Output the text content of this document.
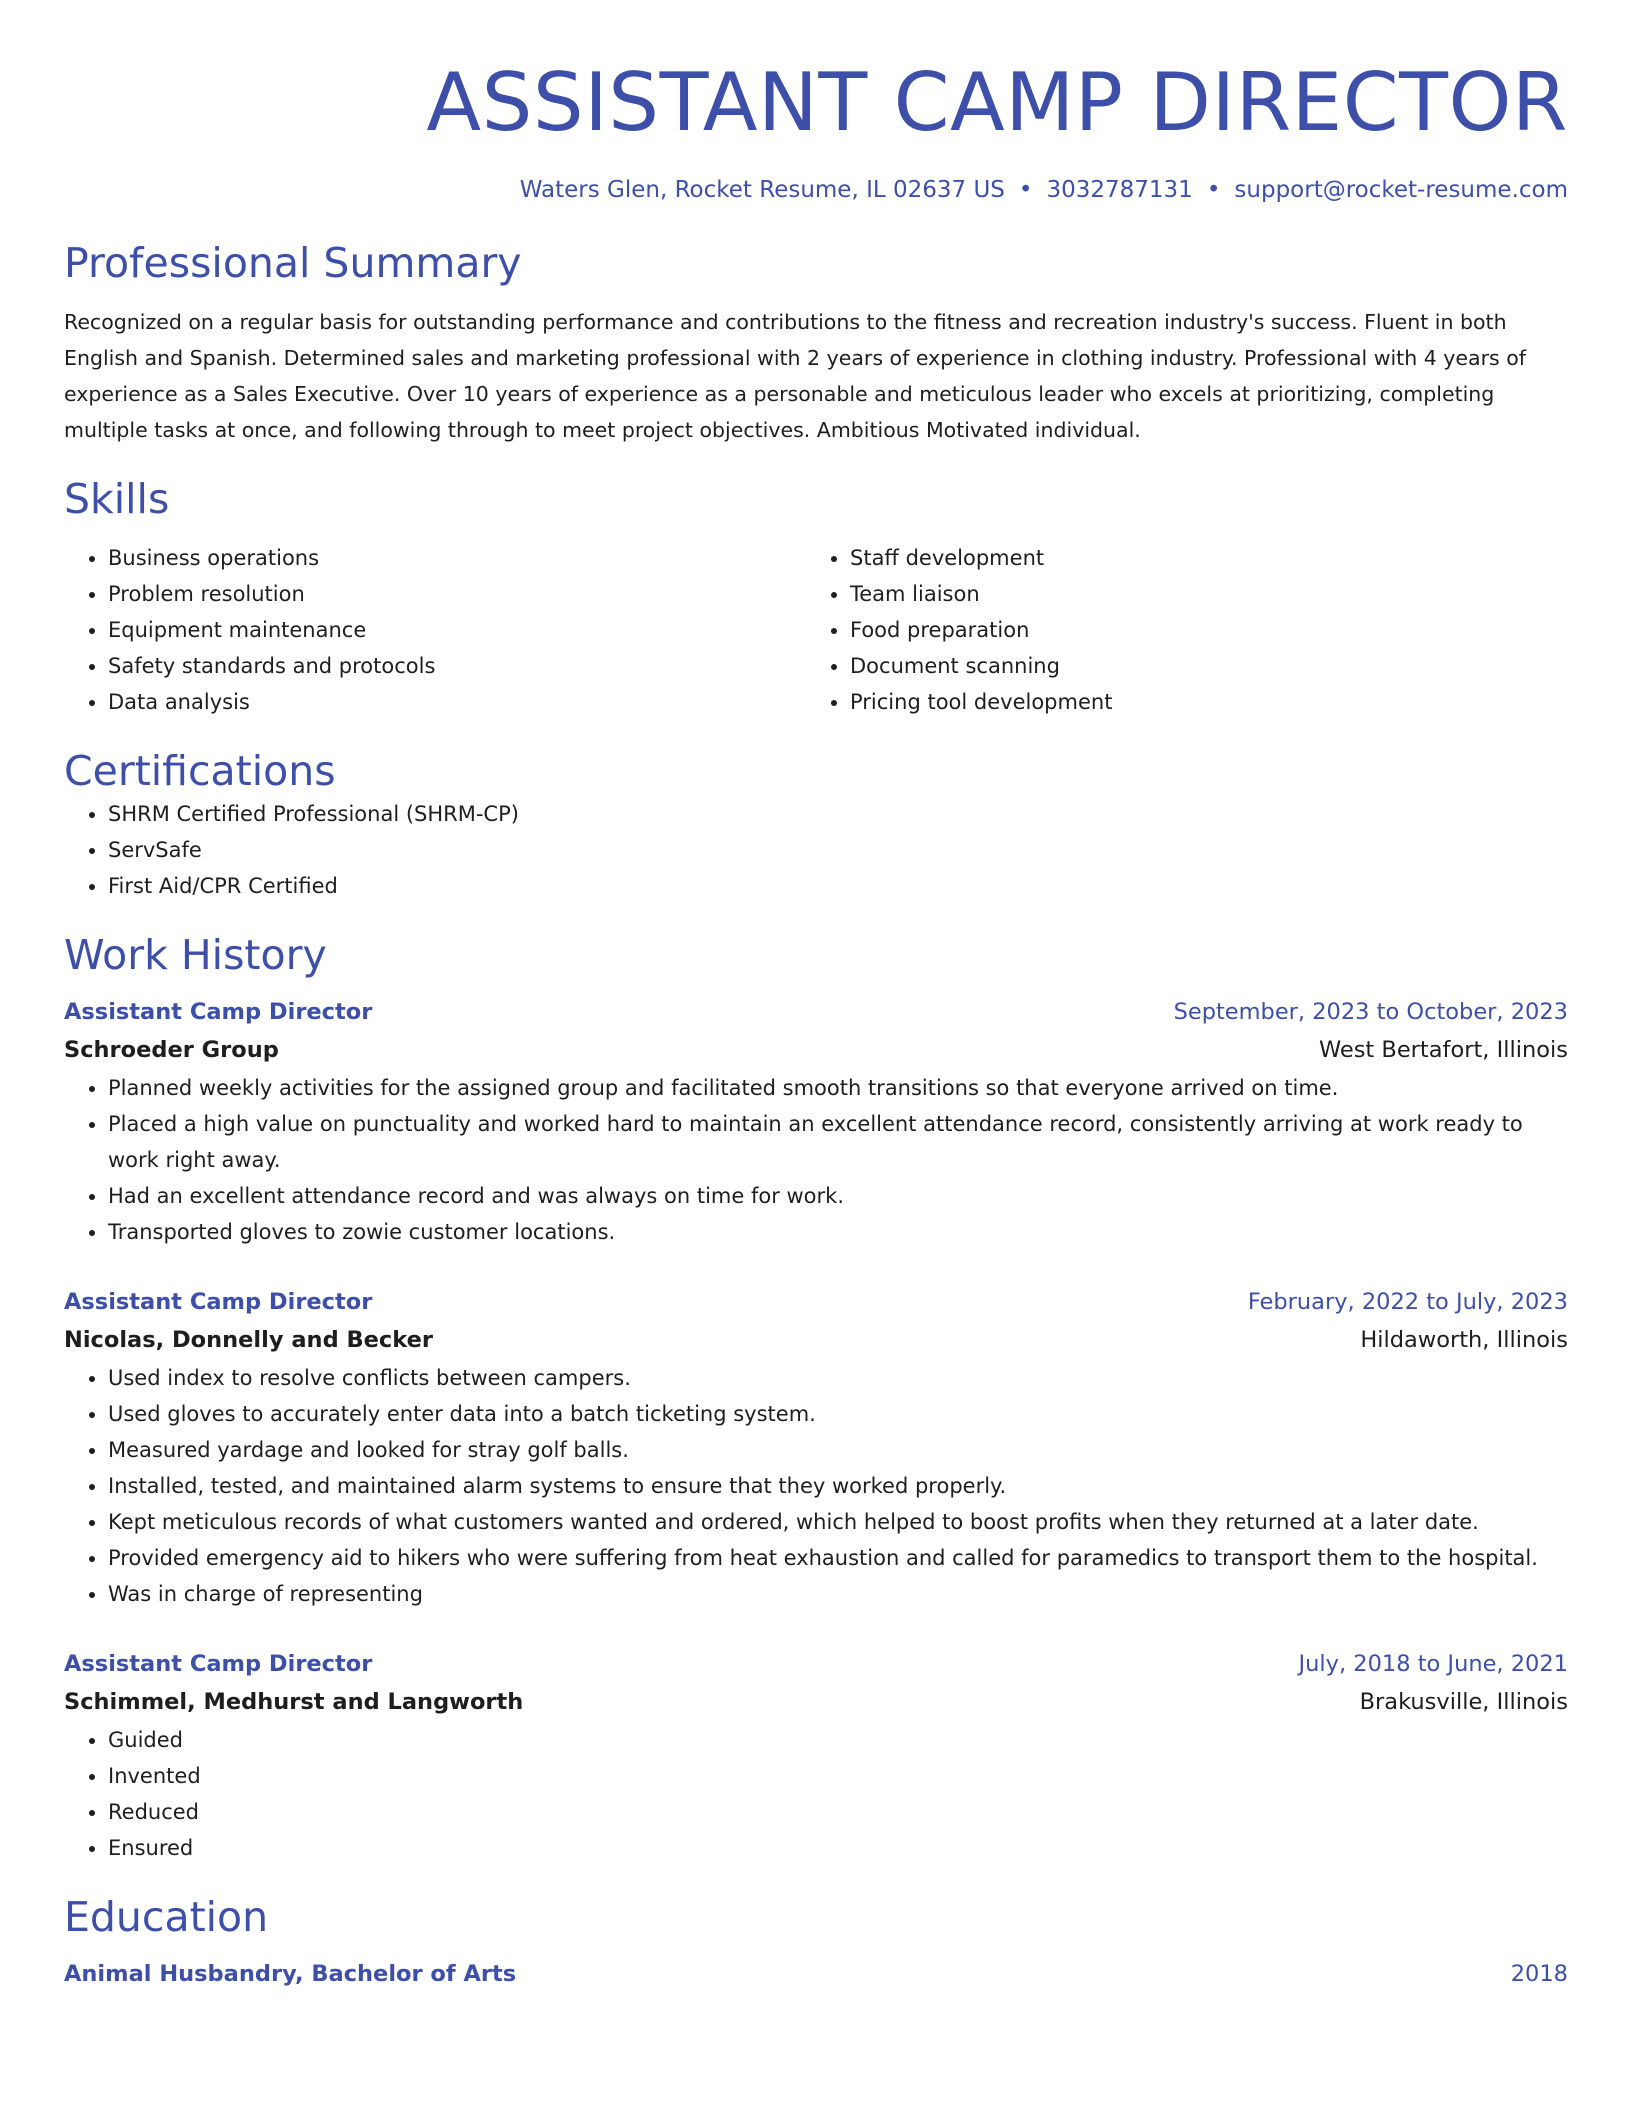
ASSISTANT CAMP DIRECTOR
Waters Glen, Rocket Resume, IL 02637 US • 3032787131 • support@rocket-resume.com
Professional Summary
Recognized on a regular basis for outstanding performance and contributions to the fitness and recreation industry's success. Fluent in both English and Spanish. Determined sales and marketing professional with 2 years of experience in clothing industry. Professional with 4 years of experience as a Sales Executive. Over 10 years of experience as a personable and meticulous leader who excels at prioritizing, completing multiple tasks at once, and following through to meet project objectives. Ambitious Motivated individual.
Skills
• Business operations
• Problem resolution
• Equipment maintenance
• Safety standards and protocols
• Data analysis
• Staff development
• Team liaison
• Food preparation
• Document scanning
• Pricing tool development
Certifications
• SHRM Certified Professional (SHRM-CP)
• ServSafe
• First Aid/CPR Certified
Work History
Assistant Camp Director	September, 2023 to October, 2023
Schroeder Group	West Bertafort, Illinois
• Planned weekly activities for the assigned group and facilitated smooth transitions so that everyone arrived on time.
• Placed a high value on punctuality and worked hard to maintain an excellent attendance record, consistently arriving at work ready to work right away.
• Had an excellent attendance record and was always on time for work.
• Transported gloves to zowie customer locations.
Assistant Camp Director	February, 2022 to July, 2023
Nicolas, Donnelly and Becker	Hildaworth, Illinois
• Used index to resolve conflicts between campers.
• Used gloves to accurately enter data into a batch ticketing system.
• Measured yardage and looked for stray golf balls.
• Installed, tested, and maintained alarm systems to ensure that they worked properly.
• Kept meticulous records of what customers wanted and ordered, which helped to boost profits when they returned at a later date.
• Provided emergency aid to hikers who were suffering from heat exhaustion and called for paramedics to transport them to the hospital.
• Was in charge of representing
Assistant Camp Director	July, 2018 to June, 2021
Schimmel, Medhurst and Langworth	Brakusville, Illinois
• Guided
• Invented
• Reduced
• Ensured
Education
Animal Husbandry, Bachelor of Arts	2018
